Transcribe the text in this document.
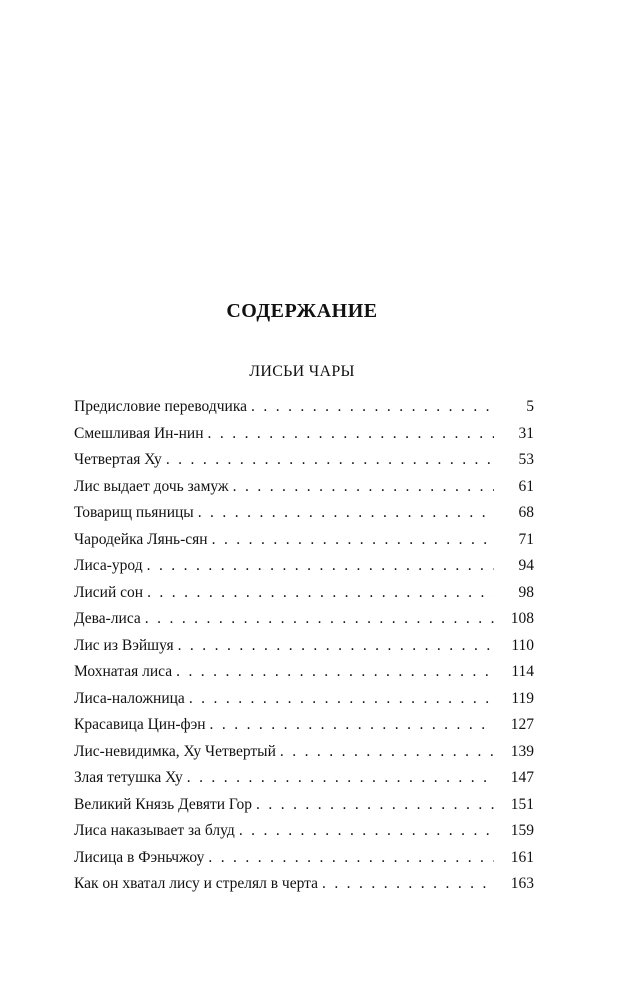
СОДЕРЖАНИЕ
ЛИСЬИ ЧАРЫ
Предисловие переводчика . . .	5
Смешливая Ин-нин . . .	31
Четвертая Ху . . .	53
Лис выдает дочь замуж . . .	61
Товарищ пьяницы . . .	68
Чародейка Лянь-сян . . .	71
Лиса-урод . . .	94
Лисий сон . . .	98
Дева-лиса . . .	108
Лис из Вэйшуя . . .	110
Мохнатая лиса . . .	114
Лиса-наложница . . .	119
Красавица Цин-фэн . . .	127
Лис-невидимка, Ху Четвертый . . .	139
Злая тетушка Ху . . .	147
Великий Князь Девяти Гор . . .	151
Лиса наказывает за блуд . . .	159
Лисица в Фэньчжоу . . .	161
Как он хватал лису и стрелял в черта . . .	163
